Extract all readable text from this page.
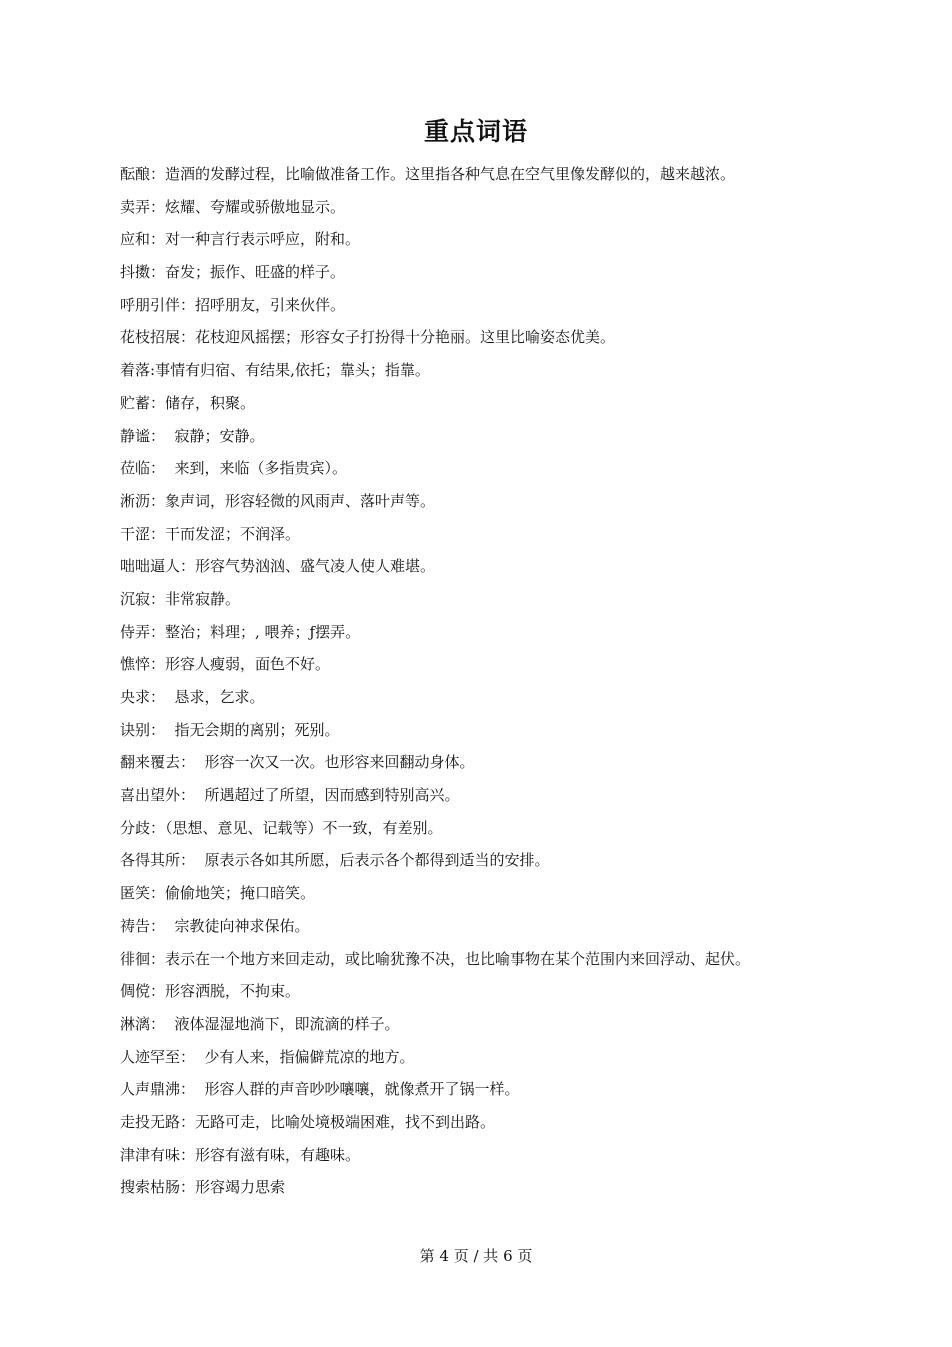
重点词语
酝酿：造酒的发酵过程，比喻做准备工作。这里指各种气息在空气里像发酵似的，越来越浓。
卖弄：炫耀、夸耀或骄傲地显示。
应和：对一种言行表示呼应，附和。
抖擞：奋发；振作、旺盛的样子。
呼朋引伴：招呼朋友，引来伙伴。
花枝招展：花枝迎风摇摆；形容女子打扮得十分艳丽。这里比喻姿态优美。
着落:事情有归宿、有结果,依托；靠头；指靠。
贮蓄：储存，积聚。
静谧：  寂静；安静。
莅临：  来到，来临（多指贵宾）。
淅沥：象声词，形容轻微的风雨声、落叶声等。
干涩：干而发涩；不润泽。
咄咄逼人：形容气势汹汹、盛气凌人使人难堪。
沉寂：非常寂静。
侍弄：整治；料理；, 喂养；ƒ摆弄。
憔悴：形容人瘦弱，面色不好。
央求：  恳求，乞求。
诀别：  指无会期的离别；死别。
翻来覆去：  形容一次又一次。也形容来回翻动身体。
喜出望外：  所遇超过了所望，因而感到特别高兴。
分歧：（思想、意见、记载等）不一致，有差别。
各得其所：  原表示各如其所愿，后表示各个都得到适当的安排。
匿笑：偷偷地笑；掩口暗笑。
祷告：  宗教徒向神求保佑。
徘徊：表示在一个地方来回走动，或比喻犹豫不决，也比喻事物在某个范围内来回浮动、起伏。
倜傥：形容洒脱，不拘束。
淋漓：  液体湿湿地淌下，即流滴的样子。
人迹罕至：  少有人来，指偏僻荒凉的地方。
人声鼎沸：  形容人群的声音吵吵嚷嚷，就像煮开了锅一样。
走投无路：无路可走，比喻处境极端困难，找不到出路。
津津有味：形容有滋有味，有趣味。
搜索枯肠：形容竭力思索
第 4 页 / 共 6 页
